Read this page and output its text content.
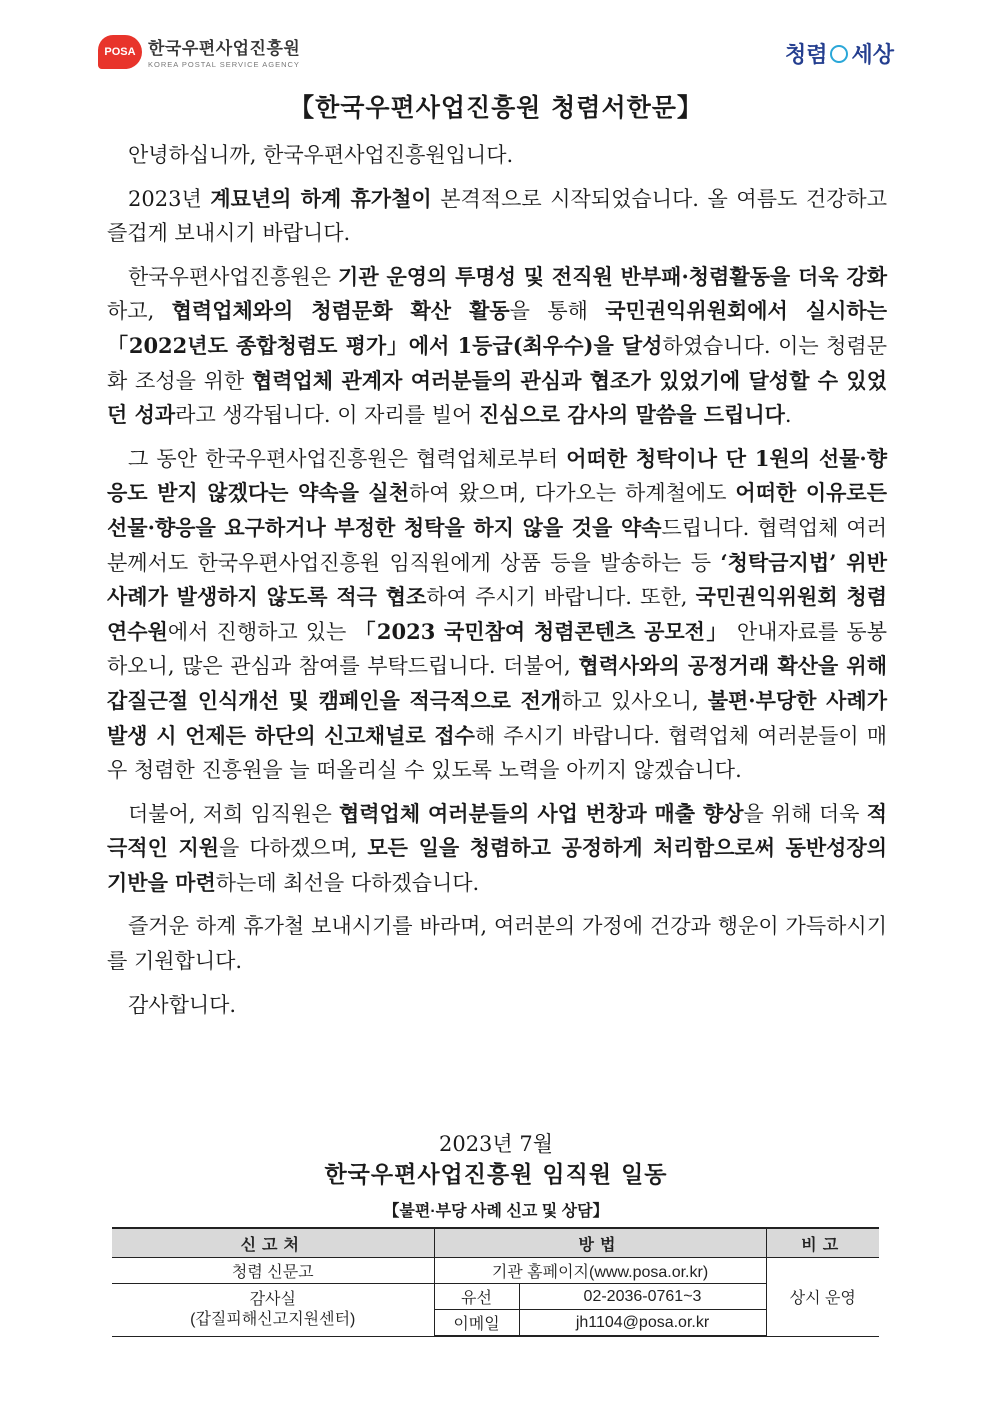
POSA 한국우편사업진흥원
KOREA POSTAL SERVICE AGENCY	청렴 세상
【한국우편사업진흥원 청렴서한문】

안녕하십니까, 한국우편사업진흥원입니다.

2023년 계묘년의 하계 휴가철이 본격적으로 시작되었습니다. 올 여름도 건강하고 즐겁게 보내시기 바랍니다.

한국우편사업진흥원은 기관 운영의 투명성 및 전직원 반부패·청렴활동을 더욱 강화하고, 협력업체와의 청렴문화 확산 활동을 통해 국민권익위원회에서 실시하는「2022년도 종합청렴도 평가」에서 1등급(최우수)을 달성하였습니다. 이는 청렴문화 조성을 위한 협력업체 관계자 여러분들의 관심과 협조가 있었기에 달성할 수 있었던 성과라고 생각됩니다. 이 자리를 빌어 진심으로 감사의 말씀을 드립니다.

그 동안 한국우편사업진흥원은 협력업체로부터 어떠한 청탁이나 단 1원의 선물·향응도 받지 않겠다는 약속을 실천하여 왔으며, 다가오는 하계철에도 어떠한 이유로든 선물·향응을 요구하거나 부정한 청탁을 하지 않을 것을 약속드립니다. 협력업체 여러분께서도 한국우편사업진흥원 임직원에게 상품 등을 발송하는 등 ‘청탁금지법’ 위반 사례가 발생하지 않도록 적극 협조하여 주시기 바랍니다. 또한, 국민권익위원회 청렴연수원에서 진행하고 있는 「2023 국민참여 청렴콘텐츠 공모전」 안내자료를 동봉하오니, 많은 관심과 참여를 부탁드립니다. 더불어, 협력사와의 공정거래 확산을 위해 갑질근절 인식개선 및 캠페인을 적극적으로 전개하고 있사오니, 불편·부당한 사례가 발생 시 언제든 하단의 신고채널로 접수해 주시기 바랍니다. 협력업체 여러분들이 매우 청렴한 진흥원을 늘 떠올리실 수 있도록 노력을 아끼지 않겠습니다.

더불어, 저희 임직원은 협력업체 여러분들의 사업 번창과 매출 향상을 위해 더욱 적극적인 지원을 다하겠으며, 모든 일을 청렴하고 공정하게 처리함으로써 동반성장의 기반을 마련하는데 최선을 다하겠습니다.

즐거운 하계 휴가철 보내시기를 바라며, 여러분의 가정에 건강과 행운이 가득하시기를 기원합니다.

감사합니다.

2023년 7월
한국우편사업진흥원 임직원 일동
【불편·부당 사례 신고 및 상담】
신고처	방법		비고
청렴 신문고	기관 홈페이지(www.posa.or.kr)		상시 운영

감사실
(갑질피해신고지원센터)	유선	02-2036-0761~3	
	이메일	jh1104@posa.or.kr	
